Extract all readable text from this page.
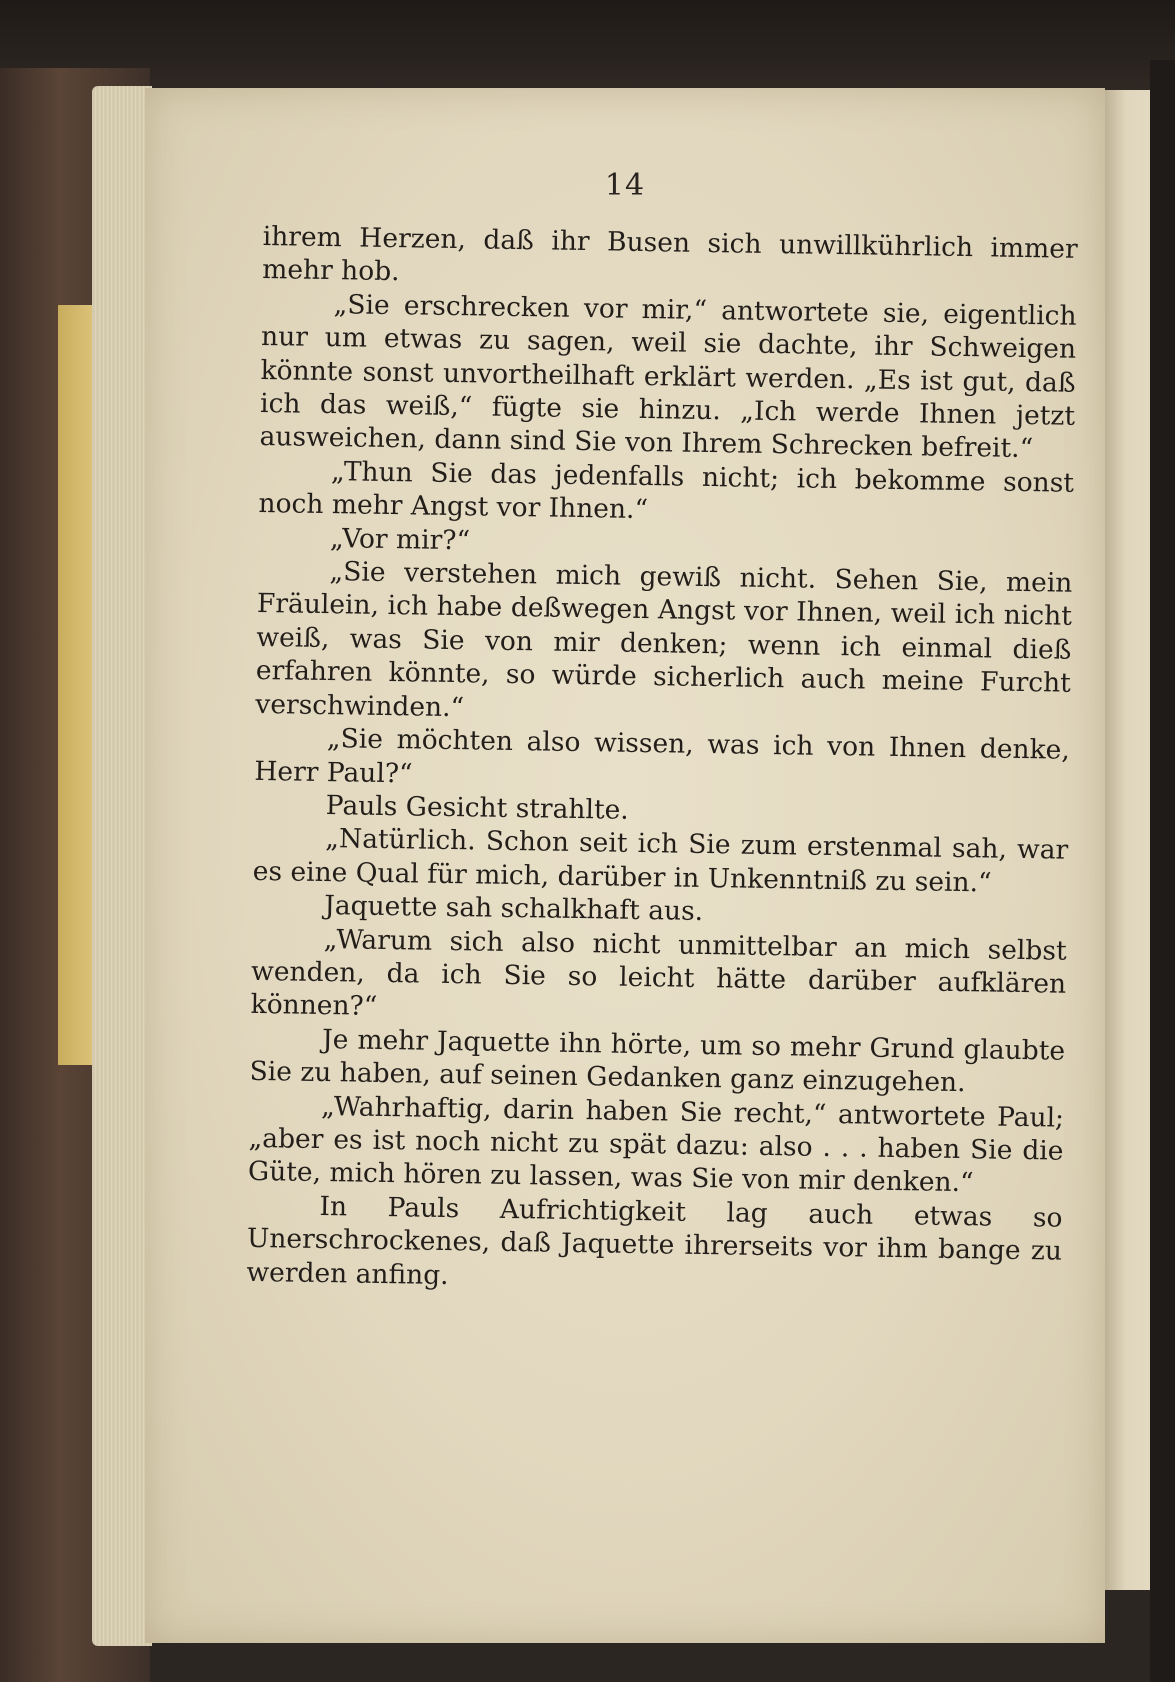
14

ihrem Herzen, daß ihr Busen sich unwillkührlich immer mehr hob.

„Sie erschrecken vor mir,“ antwortete sie, eigentlich nur um etwas zu sagen, weil sie dachte, ihr Schweigen könnte sonst unvortheilhaft erklärt werden. „Es ist gut, daß ich das weiß,“ fügte sie hinzu. „Ich werde Ihnen jetzt ausweichen, dann sind Sie von Ihrem Schrecken befreit.“

„Thun Sie das jedenfalls nicht; ich bekomme sonst noch mehr Angst vor Ihnen.“

„Vor mir?“

„Sie verstehen mich gewiß nicht. Sehen Sie, mein Fräulein, ich habe deßwegen Angst vor Ihnen, weil ich nicht weiß, was Sie von mir denken; wenn ich einmal dieß erfahren könnte, so würde sicherlich auch meine Furcht verschwinden.“

„Sie möchten also wissen, was ich von Ihnen denke, Herr Paul?“

Pauls Gesicht strahlte.

„Natürlich. Schon seit ich Sie zum erstenmal sah, war es eine Qual für mich, darüber in Unkenntniß zu sein.“

Jaquette sah schalkhaft aus.

„Warum sich also nicht unmittelbar an mich selbst wenden, da ich Sie so leicht hätte darüber aufklären können?“

Je mehr Jaquette ihn hörte, um so mehr Grund glaubte Sie zu haben, auf seinen Gedanken ganz einzugehen.

„Wahrhaftig, darin haben Sie recht,“ antwortete Paul; „aber es ist noch nicht zu spät dazu: also . . . haben Sie die Güte, mich hören zu lassen, was Sie von mir denken.“

In Pauls Aufrichtigkeit lag auch etwas so Unerschrockenes, daß Jaquette ihrerseits vor ihm bange zu werden anfing.
